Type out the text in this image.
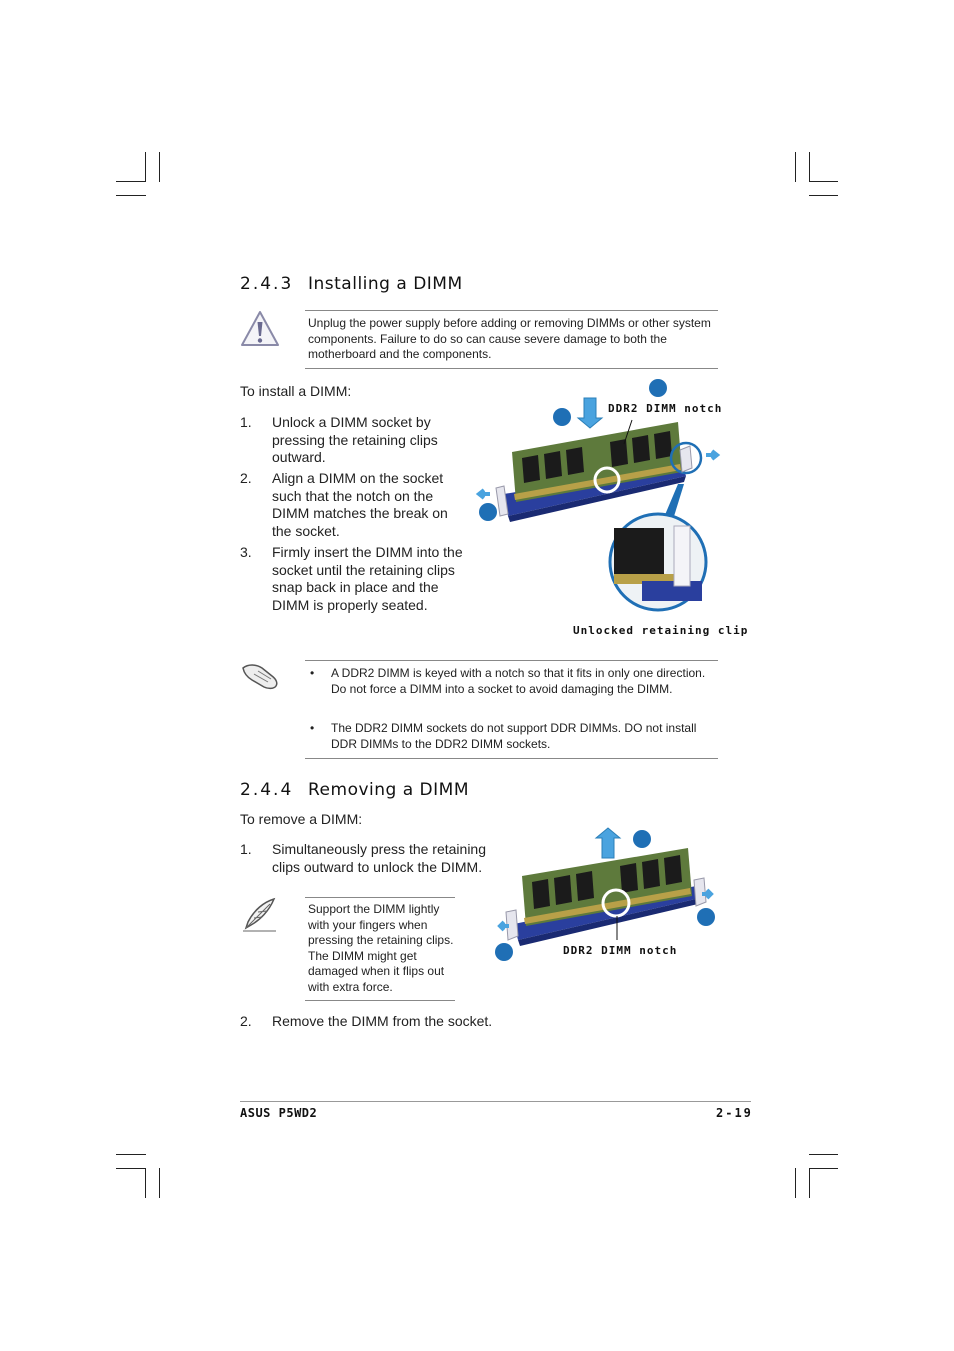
2.4.3 Installing a DIMM
Unplug the power supply before adding or removing DIMMs or other system components. Failure to do so can cause severe damage to both the motherboard and the components.
To install a DIMM:
1. Unlock a DIMM socket by pressing the retaining clips outward.
2. Align a DIMM on the socket such that the notch on the DIMM matches the break on the socket.
3. Firmly insert the DIMM into the socket until the retaining clips snap back in place and the DIMM is properly seated.
DDR2 DIMM notch
Unlocked retaining clip
• A DDR2 DIMM is keyed with a notch so that it fits in only one direction. Do not force a DIMM into a socket to avoid damaging the DIMM.
• The DDR2 DIMM sockets do not support DDR DIMMs. DO not install DDR DIMMs to the DDR2 DIMM sockets.
2.4.4 Removing a DIMM
To remove a DIMM:
1. Simultaneously press the retaining clips outward to unlock the DIMM.
Support the DIMM lightly with your fingers when pressing the retaining clips. The DIMM might get damaged when it flips out with extra force.
DDR2 DIMM notch
2. Remove the DIMM from the socket.
ASUS P5WD2	2-19
